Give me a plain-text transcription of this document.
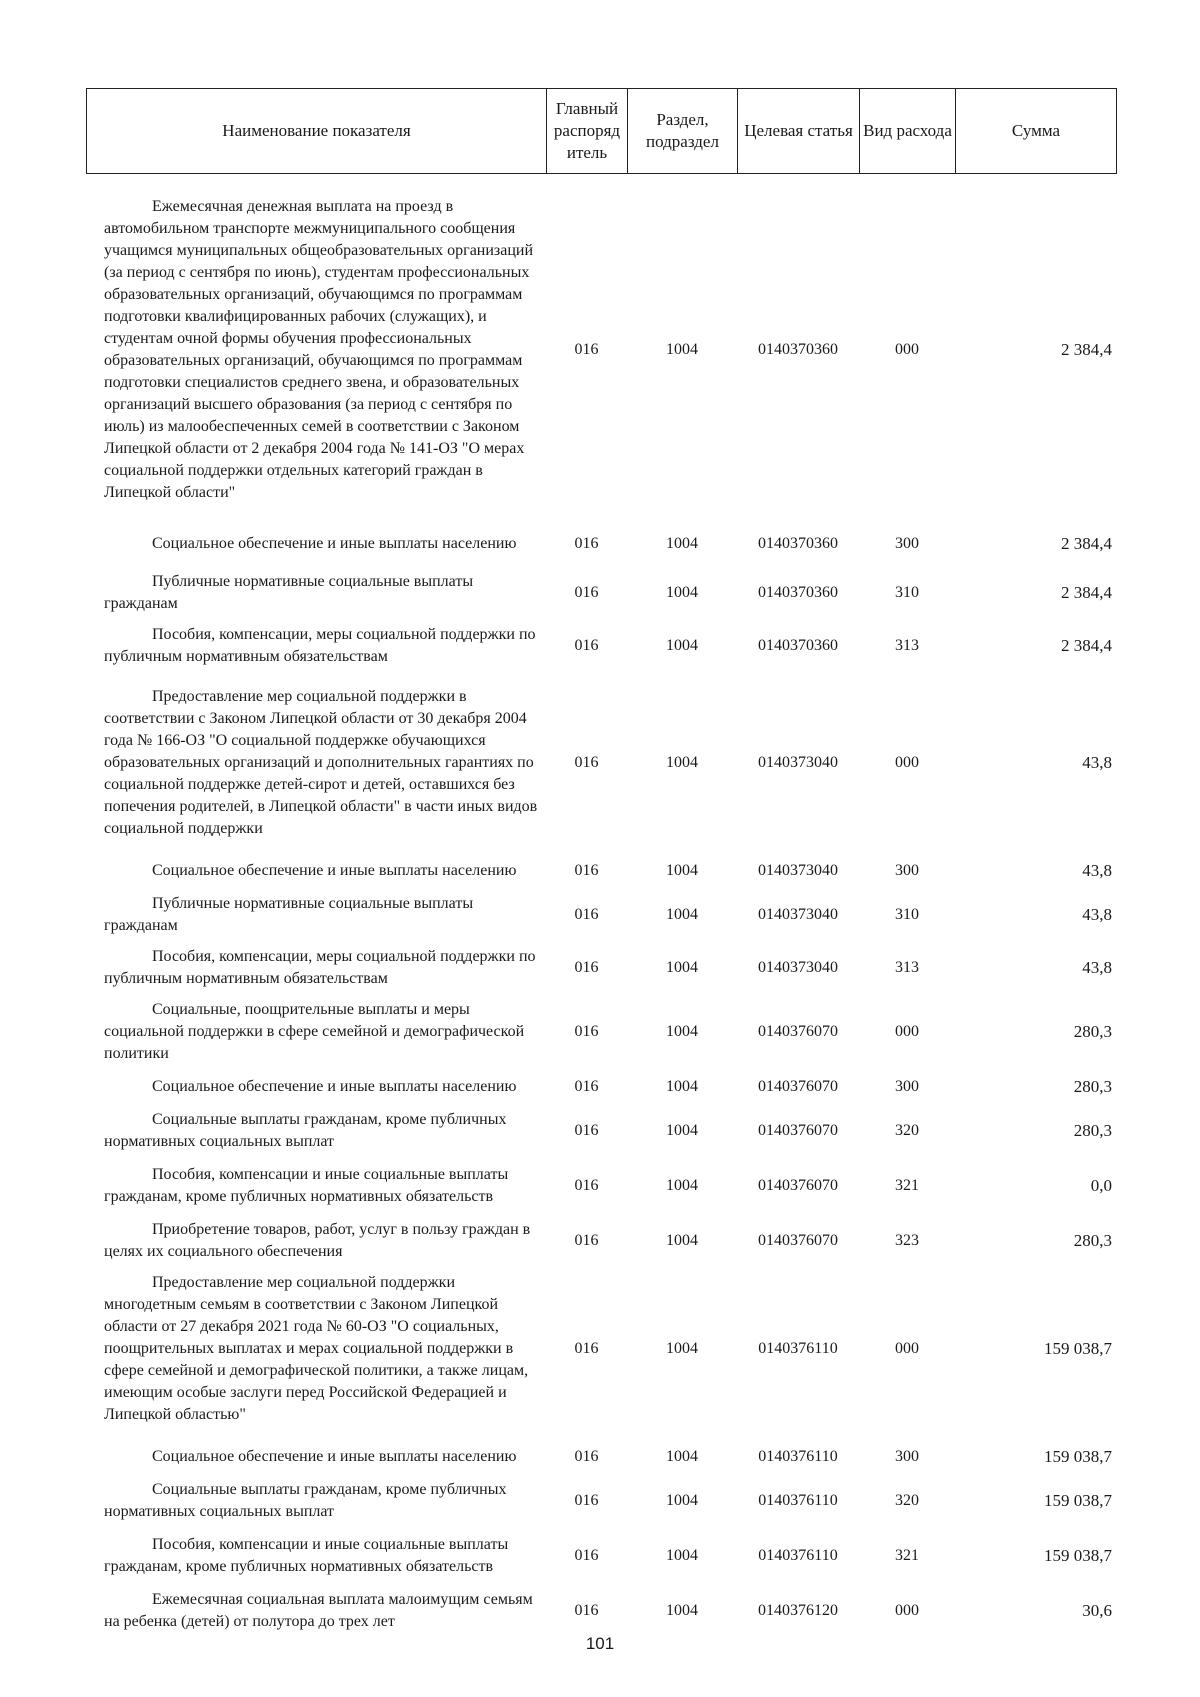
Наименование показателя	Главный распоряд итель	Раздел, подраздел	Целевая статья	Вид расхода	Сумма
Ежемесячная денежная выплата на проезд в автомобильном транспорте межмуниципального сообщения учащимся муниципальных общеобразовательных организаций (за период с сентября по июнь), студентам профессиональных образовательных организаций, обучающимся по программам подготовки квалифицированных рабочих (служащих), и студентам очной формы обучения профессиональных образовательных организаций, обучающимся по программам подготовки специалистов среднего звена, и образовательных организаций высшего образования (за период с сентября по июль) из малообеспеченных семей в соответствии с Законом Липецкой области от 2 декабря 2004 года № 141-ОЗ "О мерах социальной поддержки отдельных категорий граждан в Липецкой области"	016	1004	0140370360	000	2 384,4

Социальное обеспечение и иные выплаты населению	016	1004	0140370360	300	2 384,4

Публичные нормативные социальные выплаты гражданам	016	1004	0140370360	310	2 384,4

Пособия, компенсации, меры социальной поддержки по публичным нормативным обязательствам	016	1004	0140370360	313	2 384,4

Предоставление мер социальной поддержки в соответствии с Законом Липецкой области от 30 декабря 2004 года № 166-ОЗ "О социальной поддержке обучающихся образовательных организаций и дополнительных гарантиях по социальной поддержке детей-сирот и детей, оставшихся без попечения родителей, в Липецкой области" в части иных видов социальной поддержки	016	1004	0140373040	000	43,8

Социальное обеспечение и иные выплаты населению	016	1004	0140373040	300	43,8

Публичные нормативные социальные выплаты гражданам	016	1004	0140373040	310	43,8

Пособия, компенсации, меры социальной поддержки по публичным нормативным обязательствам	016	1004	0140373040	313	43,8

Социальные, поощрительные выплаты и меры социальной поддержки в сфере семейной и демографической политики	016	1004	0140376070	000	280,3

Социальное обеспечение и иные выплаты населению	016	1004	0140376070	300	280,3

Социальные выплаты гражданам, кроме публичных нормативных социальных выплат	016	1004	0140376070	320	280,3

Пособия, компенсации и иные социальные выплаты гражданам, кроме публичных нормативных обязательств	016	1004	0140376070	321	0,0

Приобретение товаров, работ, услуг в пользу граждан в целях их социального обеспечения	016	1004	0140376070	323	280,3

Предоставление мер социальной поддержки многодетным семьям в соответствии с Законом Липецкой области от 27 декабря 2021 года № 60-ОЗ "О социальных, поощрительных выплатах и мерах социальной поддержки в сфере семейной и демографической политики, а также лицам, имеющим особые заслуги перед Российской Федерацией и Липецкой областью"	016	1004	0140376110	000	159 038,7

Социальное обеспечение и иные выплаты населению	016	1004	0140376110	300	159 038,7

Социальные выплаты гражданам, кроме публичных нормативных социальных выплат	016	1004	0140376110	320	159 038,7

Пособия, компенсации и иные социальные выплаты гражданам, кроме публичных нормативных обязательств	016	1004	0140376110	321	159 038,7

Ежемесячная социальная выплата малоимущим семьям на ребенка (детей) от полутора до трех лет	016	1004	0140376120	000	30,6
101
